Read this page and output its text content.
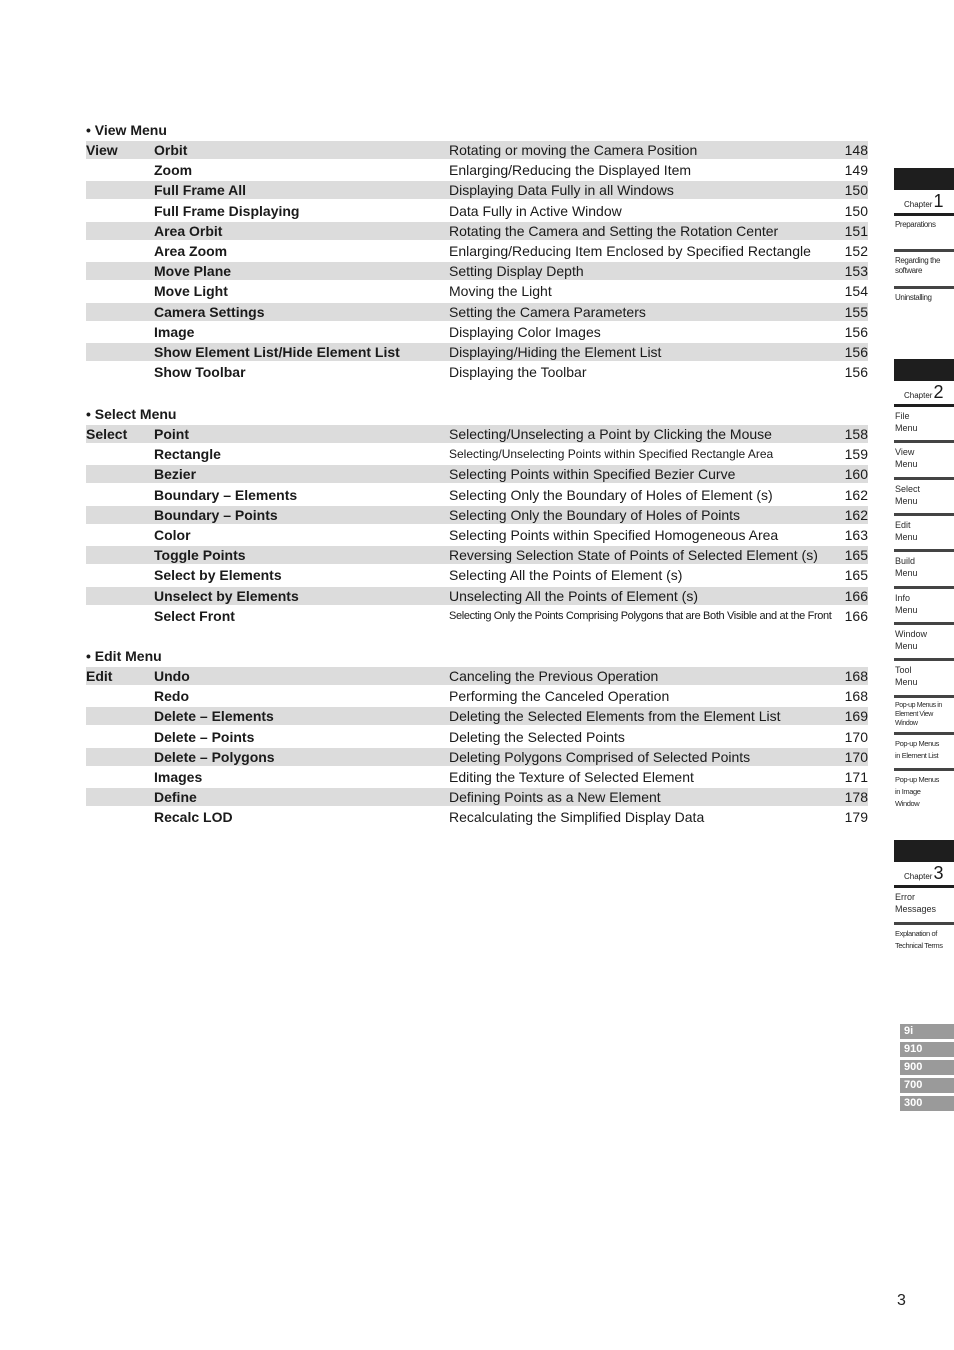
• View Menu
View	Orbit	Rotating or moving the Camera Position	148
Zoom	Enlarging/Reducing the Displayed Item	149
Full Frame All	Displaying Data Fully in all Windows	150
Full Frame Displaying	Data Fully in Active Window	150
Area Orbit	Rotating the Camera and Setting the Rotation Center	151
Area Zoom	Enlarging/Reducing Item Enclosed by Specified Rectangle	152
Move Plane	Setting Display Depth	153
Move Light	Moving the Light	154
Camera Settings	Setting the Camera Parameters	155
Image	Displaying Color Images	156
Show Element List/Hide Element List	Displaying/Hiding the Element List	156
Show Toolbar	Displaying the Toolbar	156
• Select Menu
Select	Point	Selecting/Unselecting a Point by Clicking the Mouse	158
Rectangle	Selecting/Unselecting Points within Specified Rectangle Area	159
Bezier	Selecting Points within Specified Bezier Curve	160
Boundary – Elements	Selecting Only the Boundary of Holes of Element (s)	162
Boundary – Points	Selecting Only the Boundary of Holes of Points	162
Color	Selecting Points within Specified Homogeneous Area	163
Toggle Points	Reversing Selection State of Points of Selected Element (s)	165
Select by Elements	Selecting All the Points of Element (s)	165
Unselect by Elements	Unselecting All the Points of Element (s)	166
Select Front	Selecting Only the Points Comprising Polygons that are Both Visible and at the Front 166
• Edit Menu
Edit	Undo	Canceling the Previous Operation	168
Redo	Performing the Canceled Operation	168
Delete – Elements	Deleting the Selected Elements from the Element List	169
Delete – Points	Deleting the Selected Points	170
Delete – Polygons	Deleting Polygons Comprised of Selected Points	170
Images	Editing the Texture of Selected Element	171
Define	Defining Points as a New Element	178
Recalc LOD	Recalculating the Simplified Display Data	179
Chapter1
Preparations
Regarding the software
Uninstalling
Chapter2
File Menu
View Menu
Select Menu
Edit Menu
Build Menu
Info Menu
Window Menu
Tool Menu
Pop-up Menus in Element View Window
Pop-up Menus in Element List
Pop-up Menus in Image Window
Chapter3
Error Messages
Explanation of Technical Terms
9i
910
900
700
300
3
